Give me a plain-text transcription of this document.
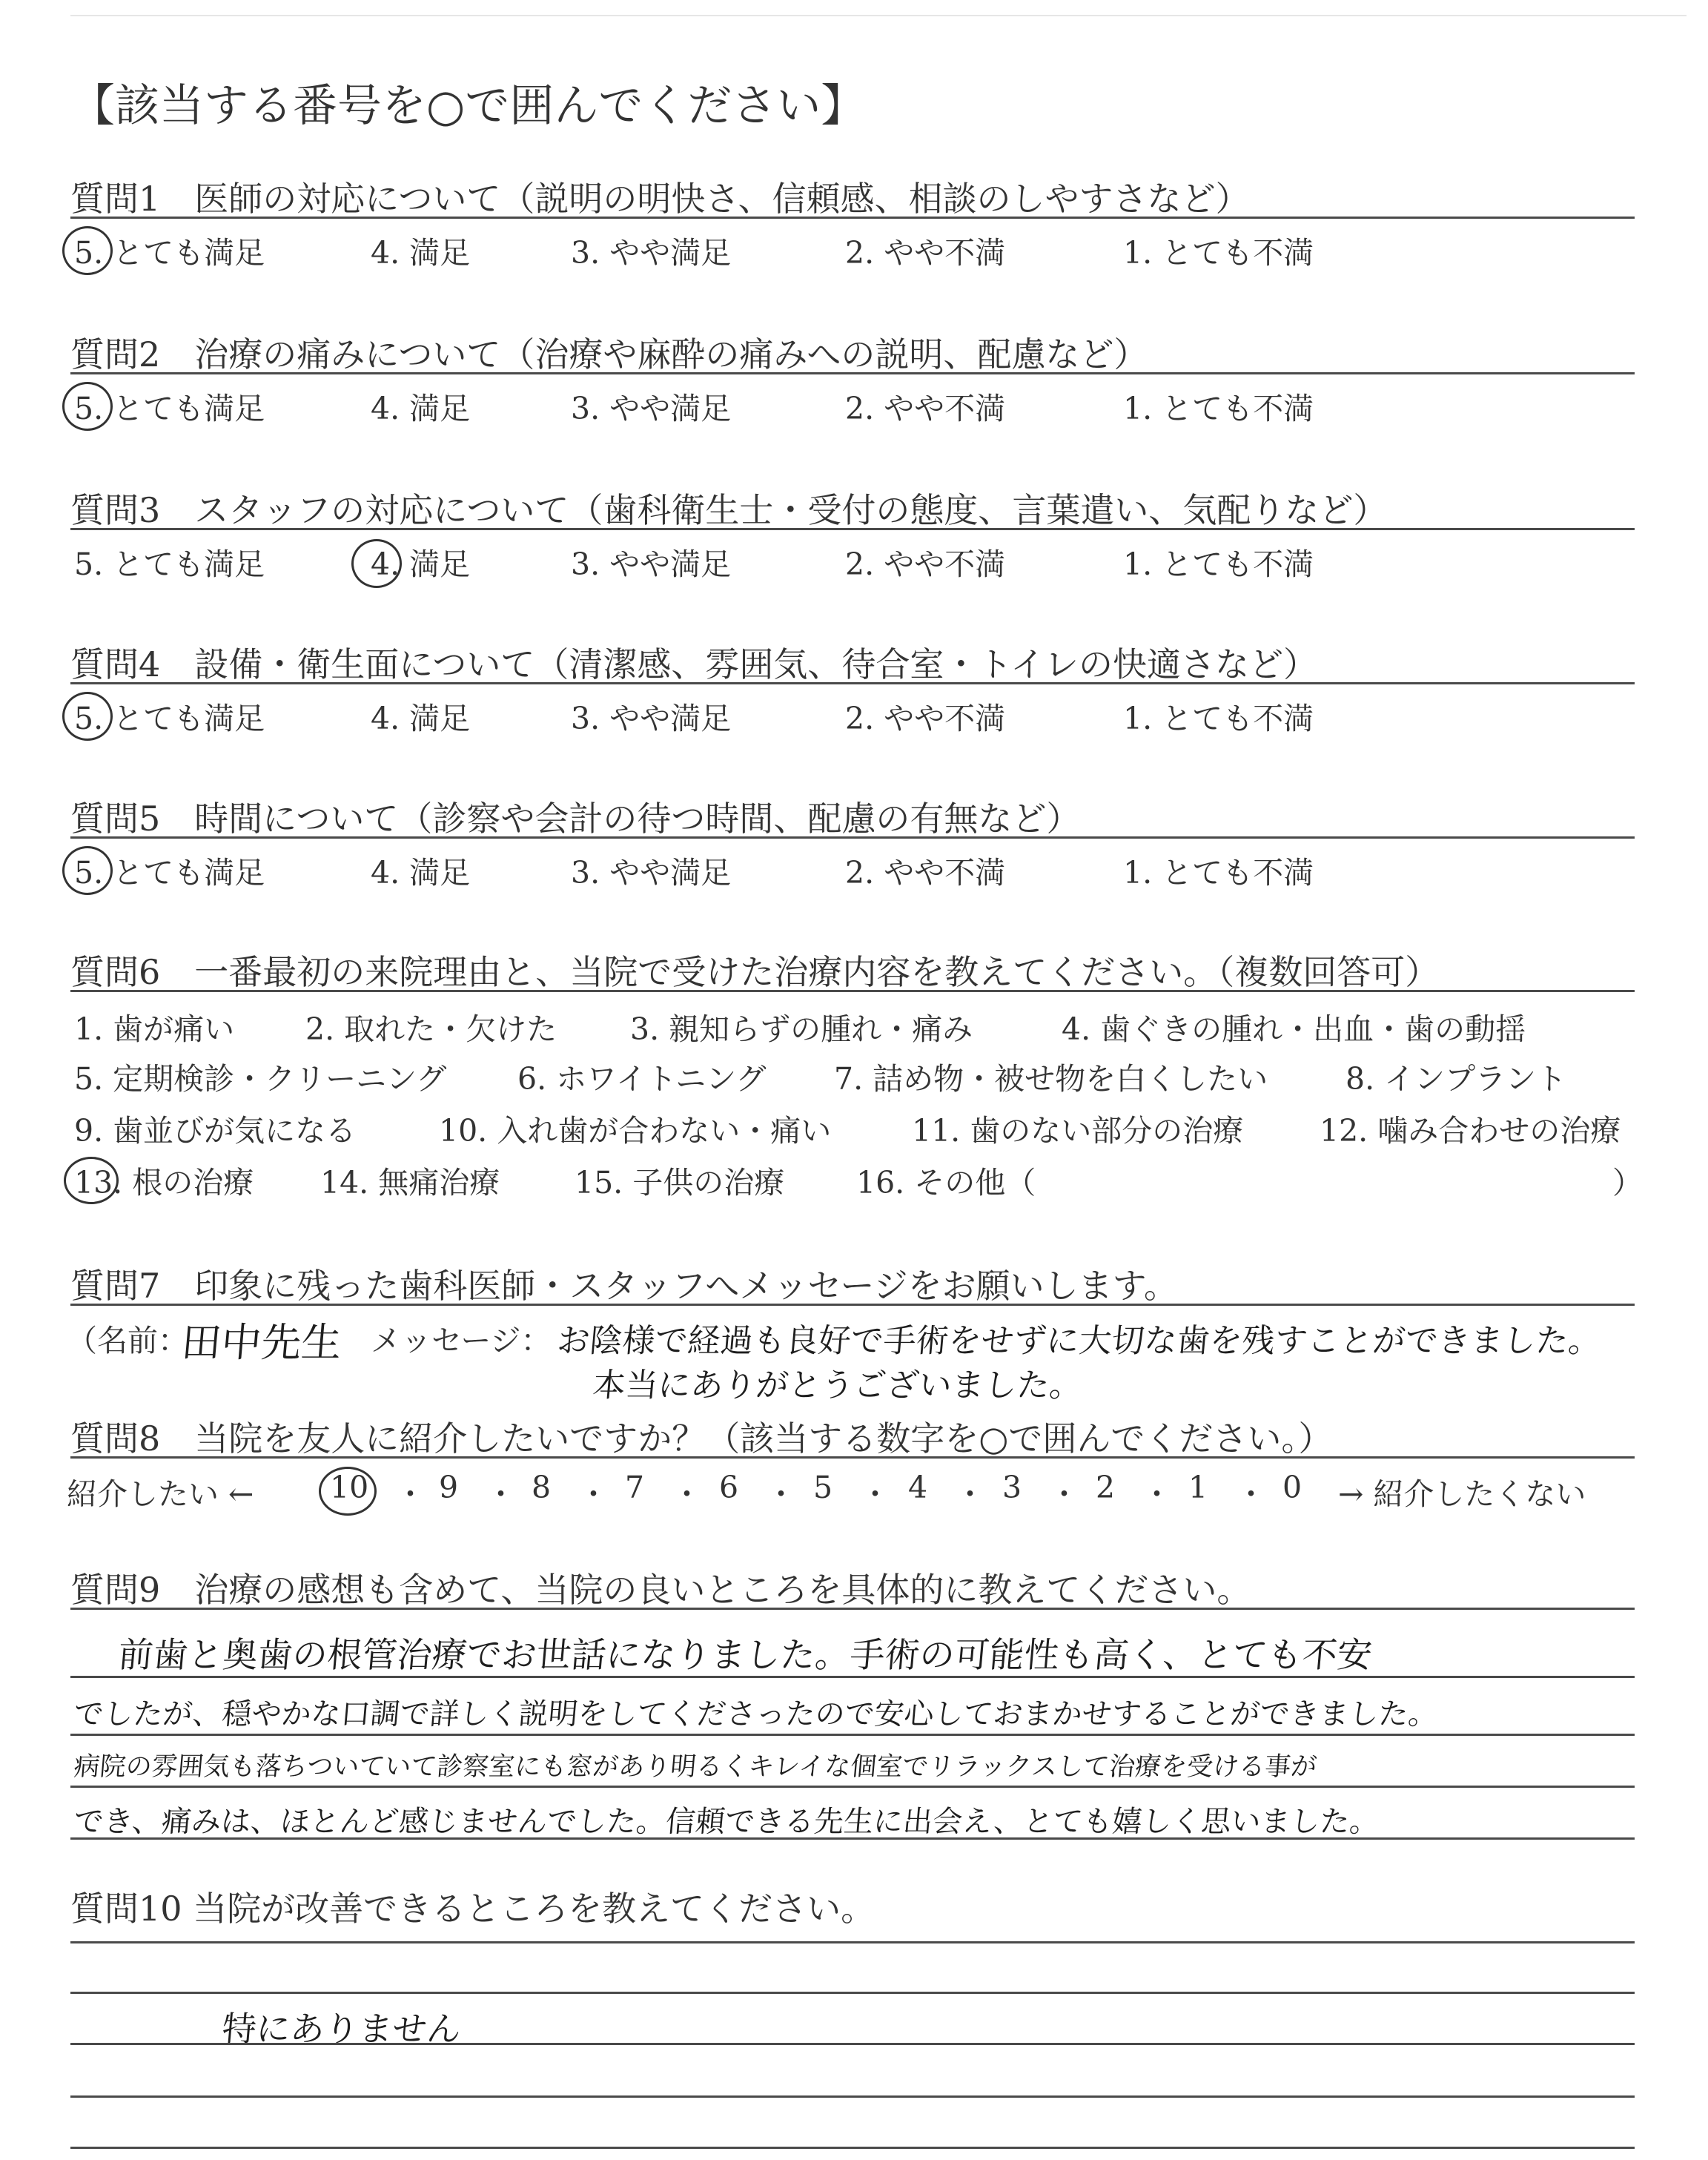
【該当する番号を○で囲んでください】
質問1　医師の対応について（説明の明快さ、信頼感、相談のしやすさなど）
5. とても満足	4. 満足	3. やや満足	2. やや不満	1. とても不満
質問2　治療の痛みについて（治療や麻酔の痛みへの説明、配慮など）
5. とても満足	4. 満足	3. やや満足	2. やや不満	1. とても不満
質問3　スタッフの対応について（歯科衛生士・受付の態度、言葉遣い、気配りなど）
5. とても満足	4. 満足	3. やや満足	2. やや不満	1. とても不満
質問4　設備・衛生面について（清潔感、雰囲気、待合室・トイレの快適さなど）
5. とても満足	4. 満足	3. やや満足	2. やや不満	1. とても不満
質問5　時間について（診察や会計の待つ時間、配慮の有無など）
5. とても満足	4. 満足	3. やや満足	2. やや不満	1. とても不満
質問6　一番最初の来院理由と、当院で受けた治療内容を教えてください。（複数回答可）
1. 歯が痛い 2. 取れた・欠けた 3. 親知らずの腫れ・痛み	4. 歯ぐきの腫れ・出血・歯の動揺
5. 定期検診・クリーニング 6. ホワイトニング 7. 詰め物・被せ物を白くしたい	8. インプラント
9. 歯並びが気になる	10. 入れ歯が合わない・痛い	11. 歯のない部分の治療	12. 噛み合わせの治療
13. 根の治療 14. 無痛治療 15. 子供の治療 16. その他（	）
質問7　印象に残った歯科医師・スタッフへメッセージをお願いします。
（名前：
田中先生 メッセージ： お陰様で経過も良好で手術をせずに大切な歯を残すことができました。
本当にありがとうございました。
質問8　当院を友人に紹介したいですか？（該当する数字を○で囲んでください。）
紹介したい ←	10 ・ 9 ・ 8 ・ 7 ・ 6 ・ 5 ・ 4 ・ 3 ・ 2 ・ 1 ・ 0 → 紹介したくない
質問9　治療の感想も含めて、当院の良いところを具体的に教えてください。
前歯と奥歯の根管治療でお世話になりました。手術の可能性も高く、とても不安
でしたが、穏やかな口調で詳しく説明をしてくださったので安心しておまかせすることができました。
病院の雰囲気も落ちついていて診察室にも窓があり明るくキレイな個室でリラックスして治療を受ける事が
でき、痛みは、ほとんど感じませんでした。信頼できる先生に出会え、とても嬉しく思いました。
質問10 当院が改善できるところを教えてください。
特にありません
